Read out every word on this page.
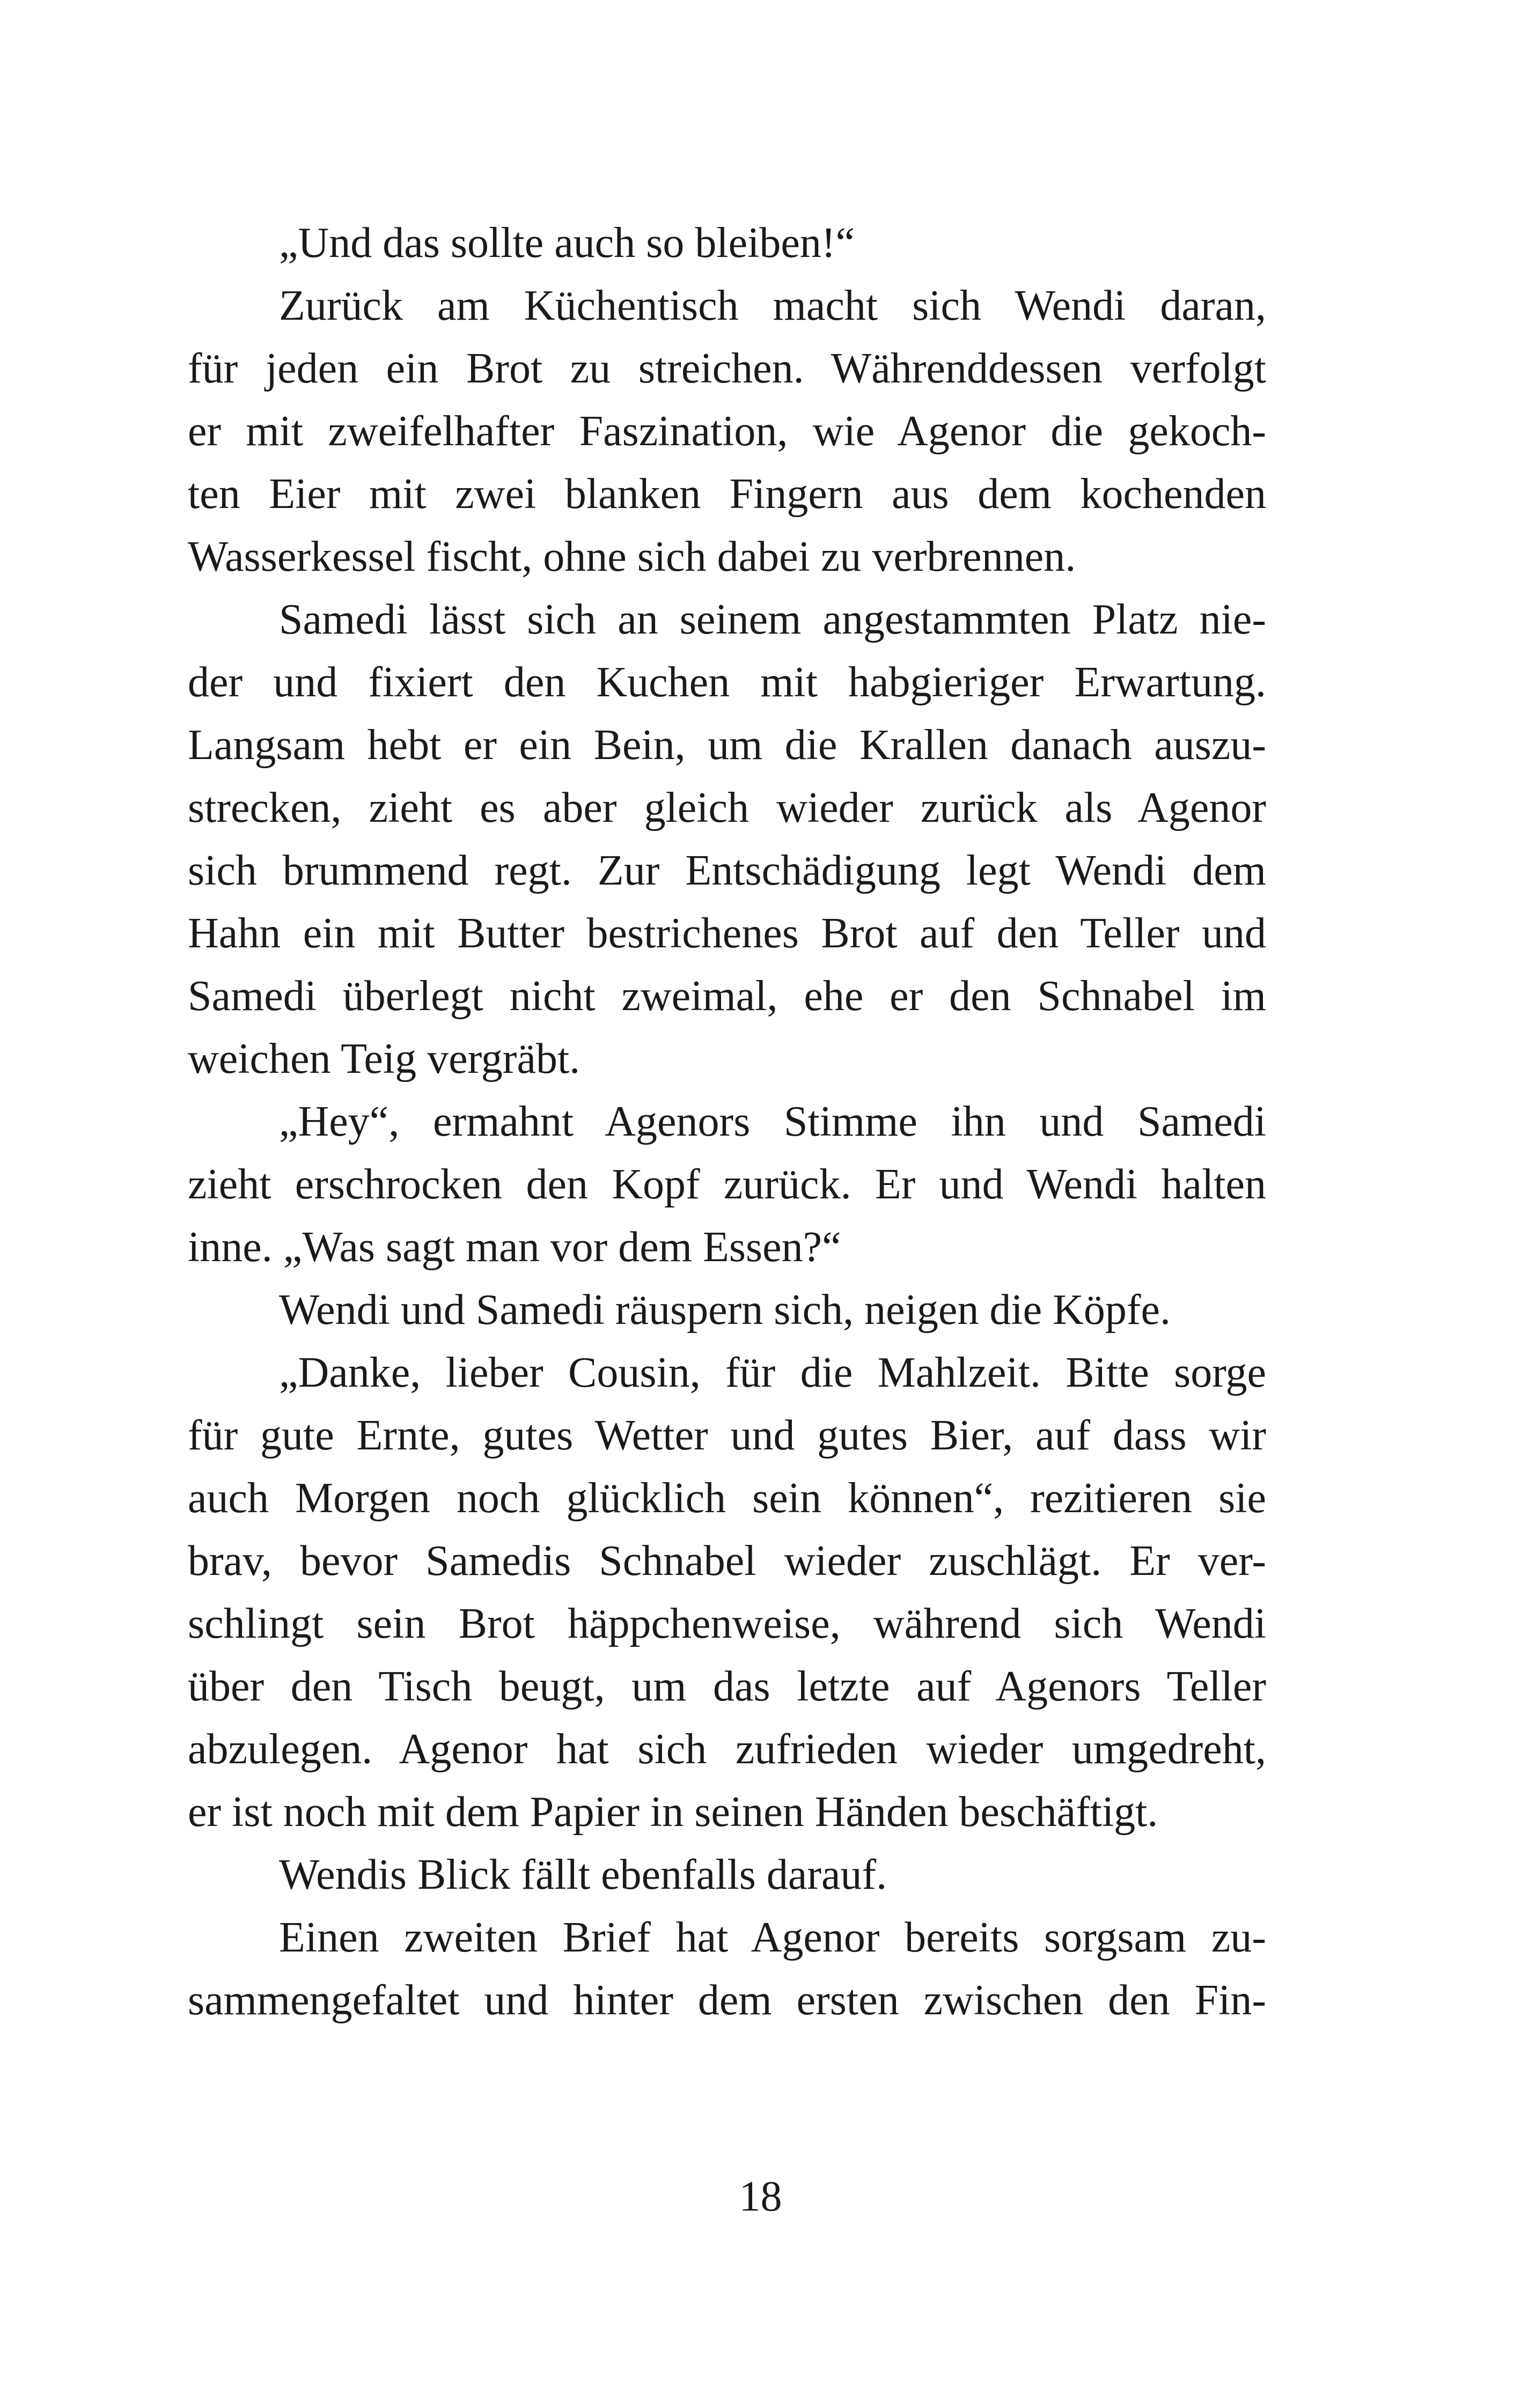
„Und das sollte auch so bleiben!“
Zurück am Küchentisch macht sich Wendi daran,
für jeden ein Brot zu streichen. Währenddessen verfolgt
er mit zweifelhafter Faszination, wie Agenor die gekoch-
ten Eier mit zwei blanken Fingern aus dem kochenden
Wasserkessel fischt, ohne sich dabei zu verbrennen.
Samedi lässt sich an seinem angestammten Platz nie-
der und fixiert den Kuchen mit habgieriger Erwartung.
Langsam hebt er ein Bein, um die Krallen danach auszu-
strecken, zieht es aber gleich wieder zurück als Agenor
sich brummend regt. Zur Entschädigung legt Wendi dem
Hahn ein mit Butter bestrichenes Brot auf den Teller und
Samedi überlegt nicht zweimal, ehe er den Schnabel im
weichen Teig vergräbt.
„Hey“, ermahnt Agenors Stimme ihn und Samedi
zieht erschrocken den Kopf zurück. Er und Wendi halten
inne. „Was sagt man vor dem Essen?“
Wendi und Samedi räuspern sich, neigen die Köpfe.
„Danke, lieber Cousin, für die Mahlzeit. Bitte sorge
für gute Ernte, gutes Wetter und gutes Bier, auf dass wir
auch Morgen noch glücklich sein können“, rezitieren sie
brav, bevor Samedis Schnabel wieder zuschlägt. Er ver-
schlingt sein Brot häppchenweise, während sich Wendi
über den Tisch beugt, um das letzte auf Agenors Teller
abzulegen. Agenor hat sich zufrieden wieder umgedreht,
er ist noch mit dem Papier in seinen Händen beschäftigt.
Wendis Blick fällt ebenfalls darauf.
Einen zweiten Brief hat Agenor bereits sorgsam zu-
sammengefaltet und hinter dem ersten zwischen den Fin-
18
